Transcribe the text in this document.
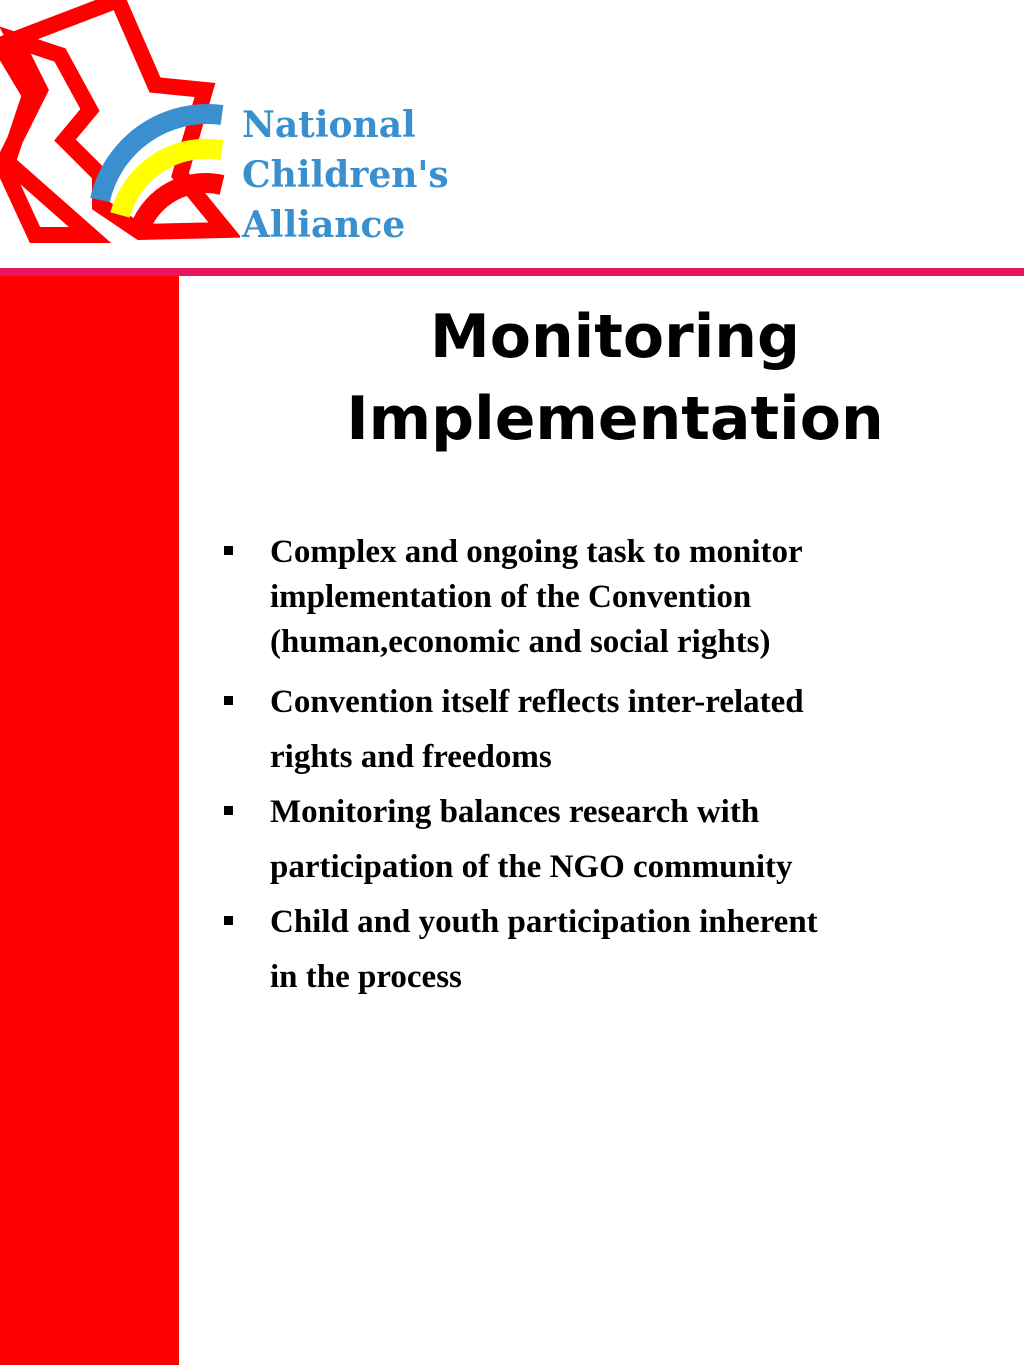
National
Children's
Alliance
Monitoring
Implementation
Complex and ongoing task to monitor
implementation of the Convention
(human,economic and social rights)
Convention itself reflects inter-related
rights and freedoms
Monitoring balances research with
participation of the NGO community
Child and youth participation inherent
in the process
